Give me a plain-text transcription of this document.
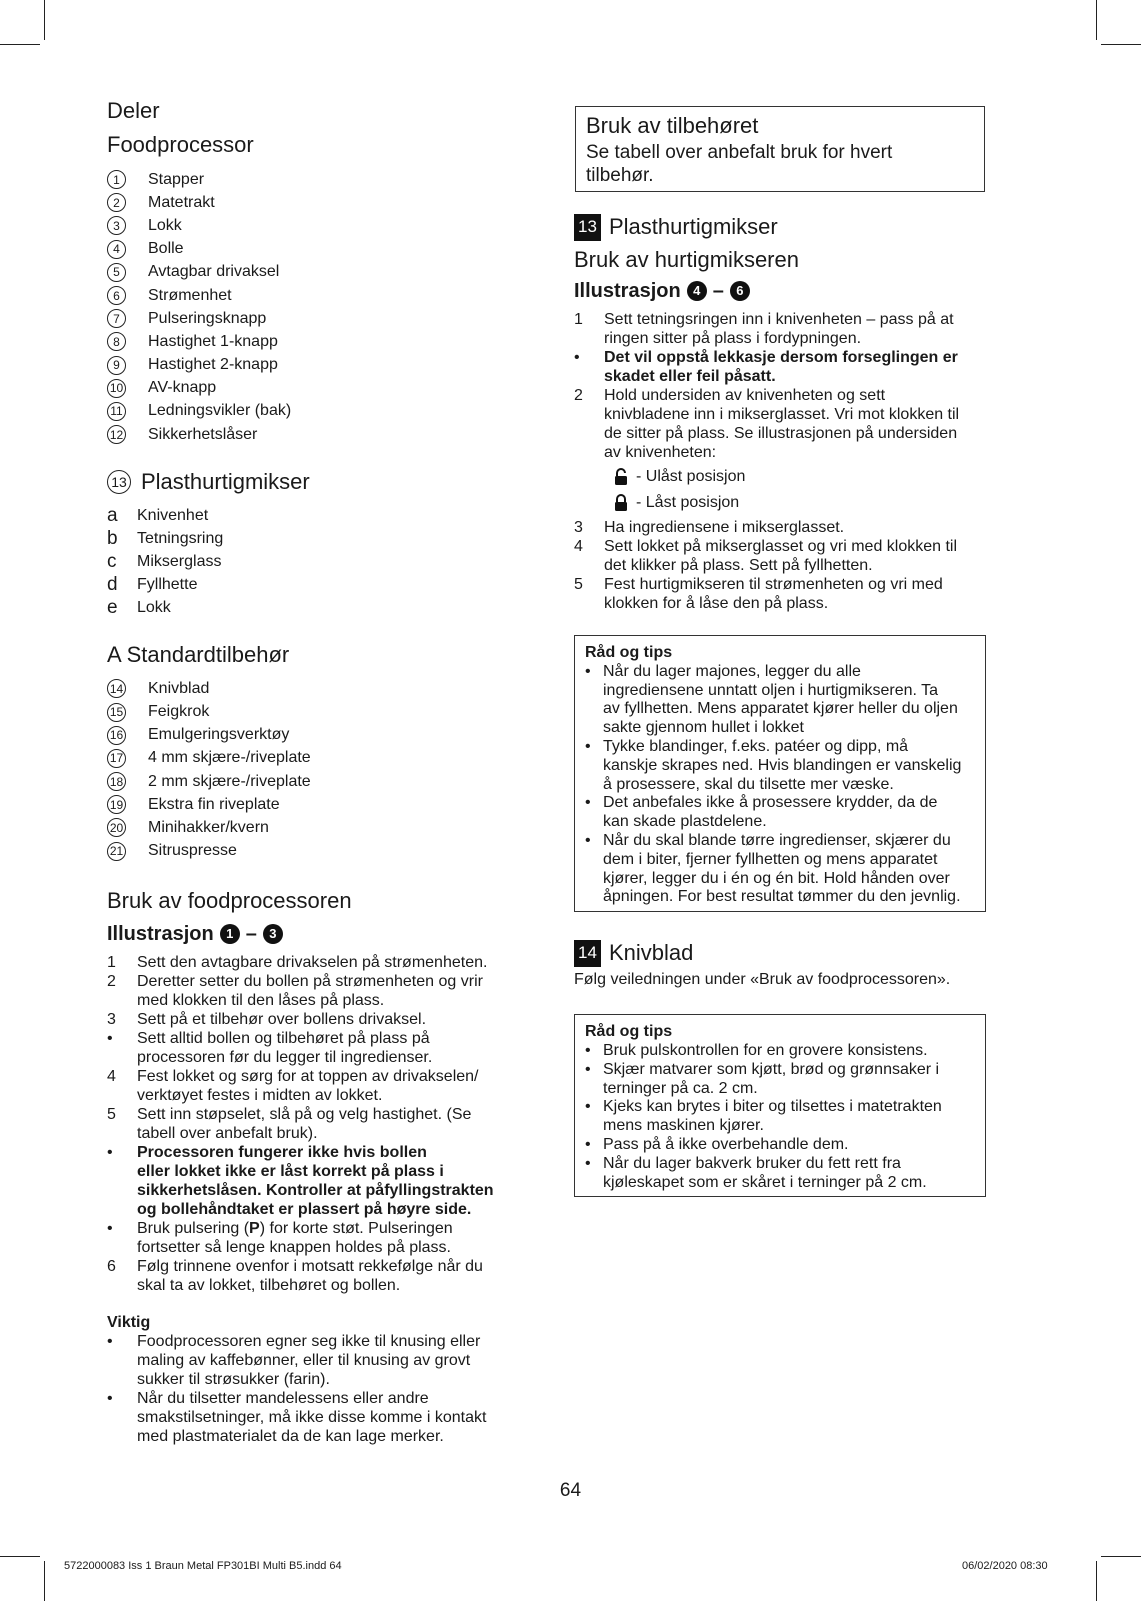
Deler
Foodprocessor
1	Stapper
2	Matetrakt
3	Lokk
4	Bolle
5	Avtagbar drivaksel
6	Strømenhet
7	Pulseringsknapp
8	Hastighet 1-knapp
9	Hastighet 2-knapp
10 AV-knapp
11 Ledningsvikler (bak)
12 Sikkerhetslåser
13 Plasthurtigmikser
a	Knivenhet
b	Tetningsring
c	Mikserglass
d	Fyllhette
e	Lokk
A Standardtilbehør
14 Knivblad
15 Feigkrok
16 Emulgeringsverktøy
17 4 mm skjære-/riveplate
18 2 mm skjære-/riveplate
19 Ekstra fin riveplate
20 Minihakker/kvern
21 Sitruspresse
Bruk av foodprocessoren
Illustrasjon 1 – 3
1	Sett den avtagbare drivakselen på strømenheten.
2	Deretter setter du bollen på strømenheten og vrir
med klokken til den låses på plass.
3	Sett på et tilbehør over bollens drivaksel.
•	Sett alltid bollen og tilbehøret på plass på
processoren før du legger til ingredienser.
4	Fest lokket og sørg for at toppen av drivakselen/
verktøyet festes i midten av lokket.
5	Sett inn støpselet, slå på og velg hastighet. (Se
tabell over anbefalt bruk).
•	Processoren fungerer ikke hvis bollen
eller lokket ikke er låst korrekt på plass i
sikkerhetslåsen. Kontroller at påfyllingstrakten
og bollehåndtaket er plassert på høyre side.
•	Bruk pulsering (P) for korte støt. Pulseringen
fortsetter så lenge knappen holdes på plass.
6	Følg trinnene ovenfor i motsatt rekkefølge når du
skal ta av lokket, tilbehøret og bollen.
Viktig
•	Foodprocessoren egner seg ikke til knusing eller
maling av kaffebønner, eller til knusing av grovt
sukker til strøsukker (farin).
•	Når du tilsetter mandelessens eller andre
smakstilsetninger, må ikke disse komme i kontakt
med plastmaterialet da de kan lage merker.
Bruk av tilbehøret
Se tabell over anbefalt bruk for hvert
tilbehør.
13 Plasthurtigmikser
Bruk av hurtigmikseren
Illustrasjon 4 – 6
1	Sett tetningsringen inn i knivenheten – pass på at
ringen sitter på plass i fordypningen.
•	Det vil oppstå lekkasje dersom forseglingen er
skadet eller feil påsatt.
2	Hold undersiden av knivenheten og sett
knivbladene inn i mikserglasset. Vri mot klokken til
de sitter på plass. Se illustrasjonen på undersiden
av knivenheten:
- Ulåst posisjon
- Låst posisjon
3	Ha ingrediensene i mikserglasset.
4	Sett lokket på mikserglasset og vri med klokken til
det klikker på plass. Sett på fyllhetten.
5	Fest hurtigmikseren til strømenheten og vri med
klokken for å låse den på plass.
Råd og tips
• Når du lager majones, legger du alle
ingrediensene unntatt oljen i hurtigmikseren. Ta
av fyllhetten. Mens apparatet kjører heller du oljen
sakte gjennom hullet i lokket
• Tykke blandinger, f.eks. patéer og dipp, må
kanskje skrapes ned. Hvis blandingen er vanskelig
å prosessere, skal du tilsette mer væske.
• Det anbefales ikke å prosessere krydder, da de
kan skade plastdelene.
• Når du skal blande tørre ingredienser, skjærer du
dem i biter, fjerner fyllhetten og mens apparatet
kjører, legger du i én og én bit. Hold hånden over
åpningen. For best resultat tømmer du den jevnlig.
14 Knivblad
Følg veiledningen under «Bruk av foodprocessoren».
Råd og tips
• Bruk pulskontrollen for en grovere konsistens.
• Skjær matvarer som kjøtt, brød og grønnsaker i
terninger på ca. 2 cm.
• Kjeks kan brytes i biter og tilsettes i matetrakten
mens maskinen kjører.
• Pass på å ikke overbehandle dem.
• Når du lager bakverk bruker du fett rett fra
kjøleskapet som er skåret i terninger på 2 cm.
64
5722000083 Iss 1 Braun Metal FP301BI Multi B5.indd 64	06/02/2020 08:30
